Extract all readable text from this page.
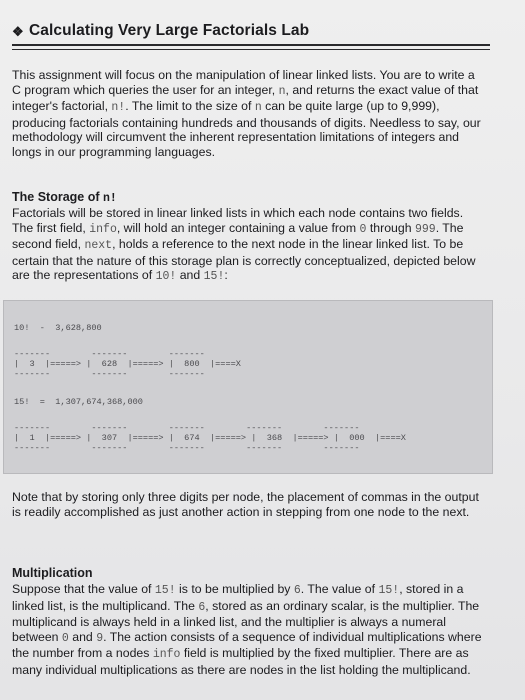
❖ Calculating Very Large Factorials Lab
This assignment will focus on the manipulation of linear linked lists. You are to write a C program which queries the user for an integer, n, and returns the exact value of that integer's factorial, n!. The limit to the size of n can be quite large (up to 9,999), producing factorials containing hundreds and thousands of digits. Needless to say, our methodology will circumvent the inherent representation limitations of integers and longs in our programming languages.
The Storage of n!
Factorials will be stored in linear linked lists in which each node contains two fields. The first field, info, will hold an integer containing a value from 0 through 999. The second field, next, holds a reference to the next node in the linear linked list. To be certain that the nature of this storage plan is correctly conceptualized, depicted below are the representations of 10! and 15!:
10!  -  3,628,800
-------        -------        -------
|  3  |=====> |  628  |=====> |  800  |====X
-------        -------        -------
15!  =  1,307,674,368,000
-------        -------        -------        -------        -------
|  1  |=====> |  307  |=====> |  674  |=====> |  368  |=====> |  000  |====X
-------        -------        -------        -------        -------
Note that by storing only three digits per node, the placement of commas in the output is readily accomplished as just another action in stepping from one node to the next.
Multiplication
Suppose that the value of 15! is to be multiplied by 6. The value of 15!, stored in a linked list, is the multiplicand. The 6, stored as an ordinary scalar, is the multiplier. The multiplicand is always held in a linked list, and the multiplier is always a numeral between 0 and 9. The action consists of a sequence of individual multiplications where the number from a nodes info field is multiplied by the fixed multiplier. There are as many individual multiplications as there are nodes in the list holding the multiplicand.
